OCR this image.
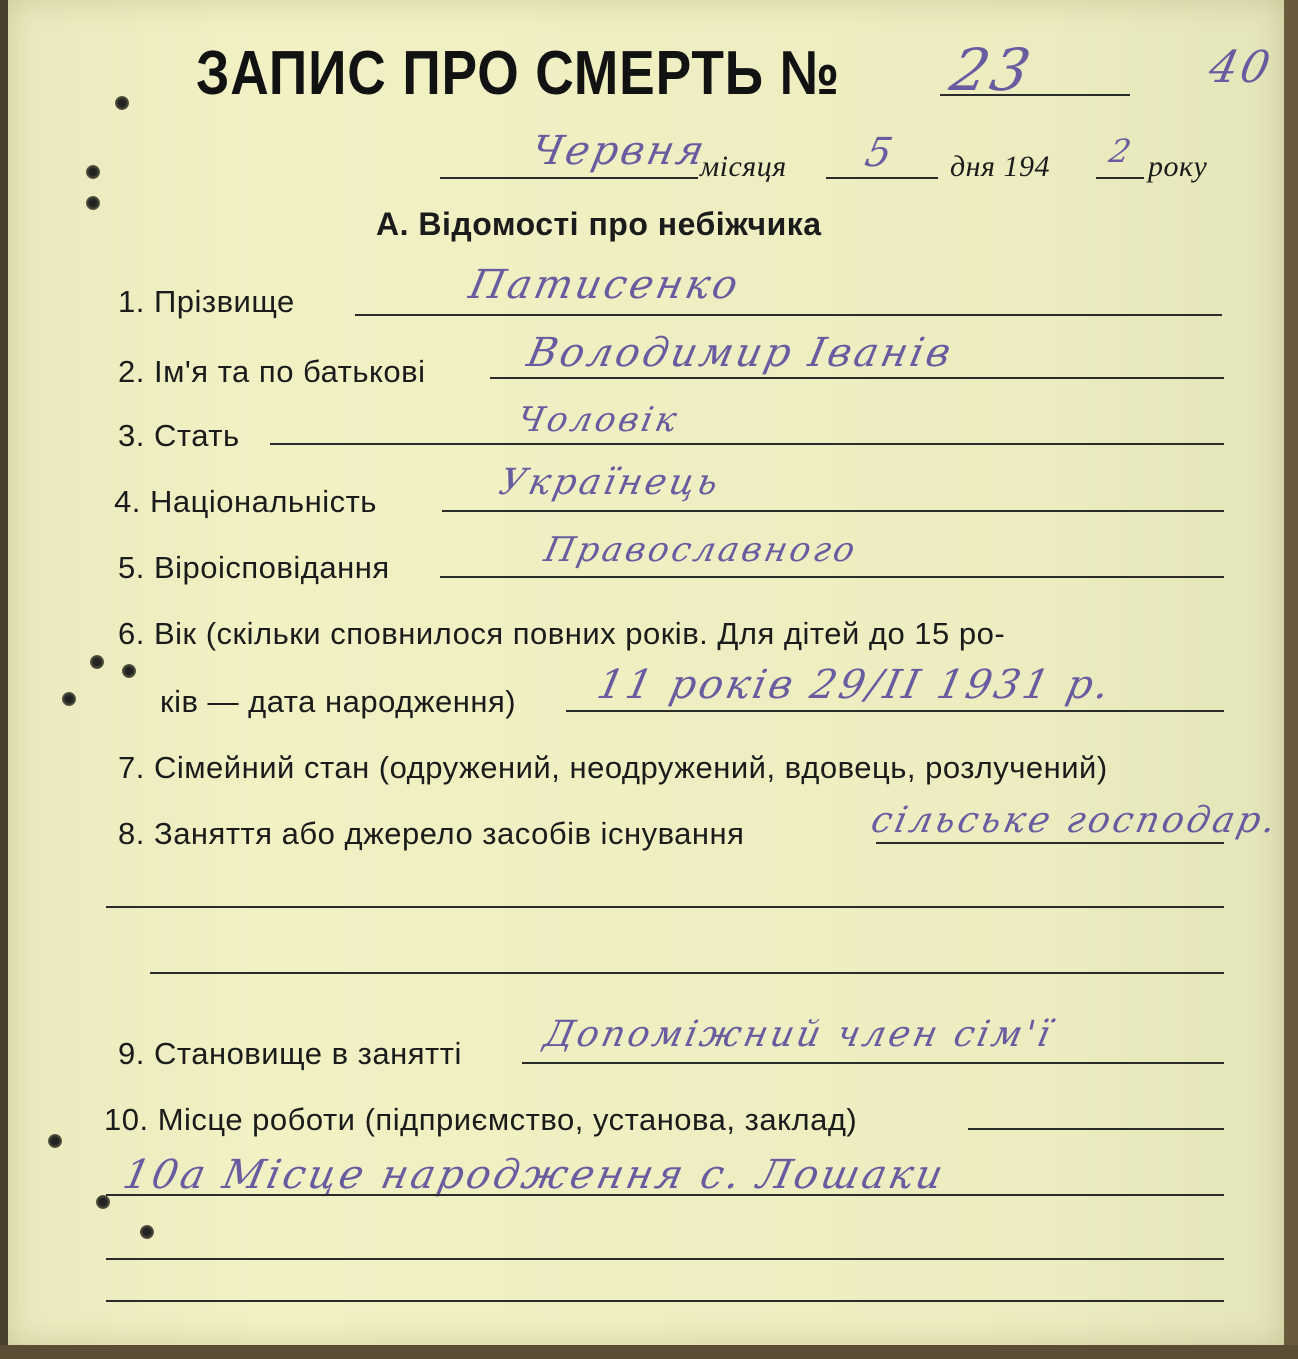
ЗАПИС ПРО СМЕРТЬ № 23	40
Червня
місяця 5 дня 194 2 року
А. Відомості про небіжчика
1. Прізвище	Патисенко
2. Ім'я та по батькові Володимир Іванів
3. Стать	Чоловік
4. Національність	Українець
5. Віроісповідання	Православного
6. Вік (скільки сповнилося повних років. Для дітей до 15 ро-
ків — дата народження) 11 років 29/ІІ 1931 р.
7. Сімейний стан (одружений, неодружений, вдовець, розлучений)
8. Заняття або джерело засобів існування	сільське господар.
9. Становище в занятті Допоміжний член сім'ї
10. Місце роботи (підприємство, установа, заклад)
10а Місце народження с. Лошаки
